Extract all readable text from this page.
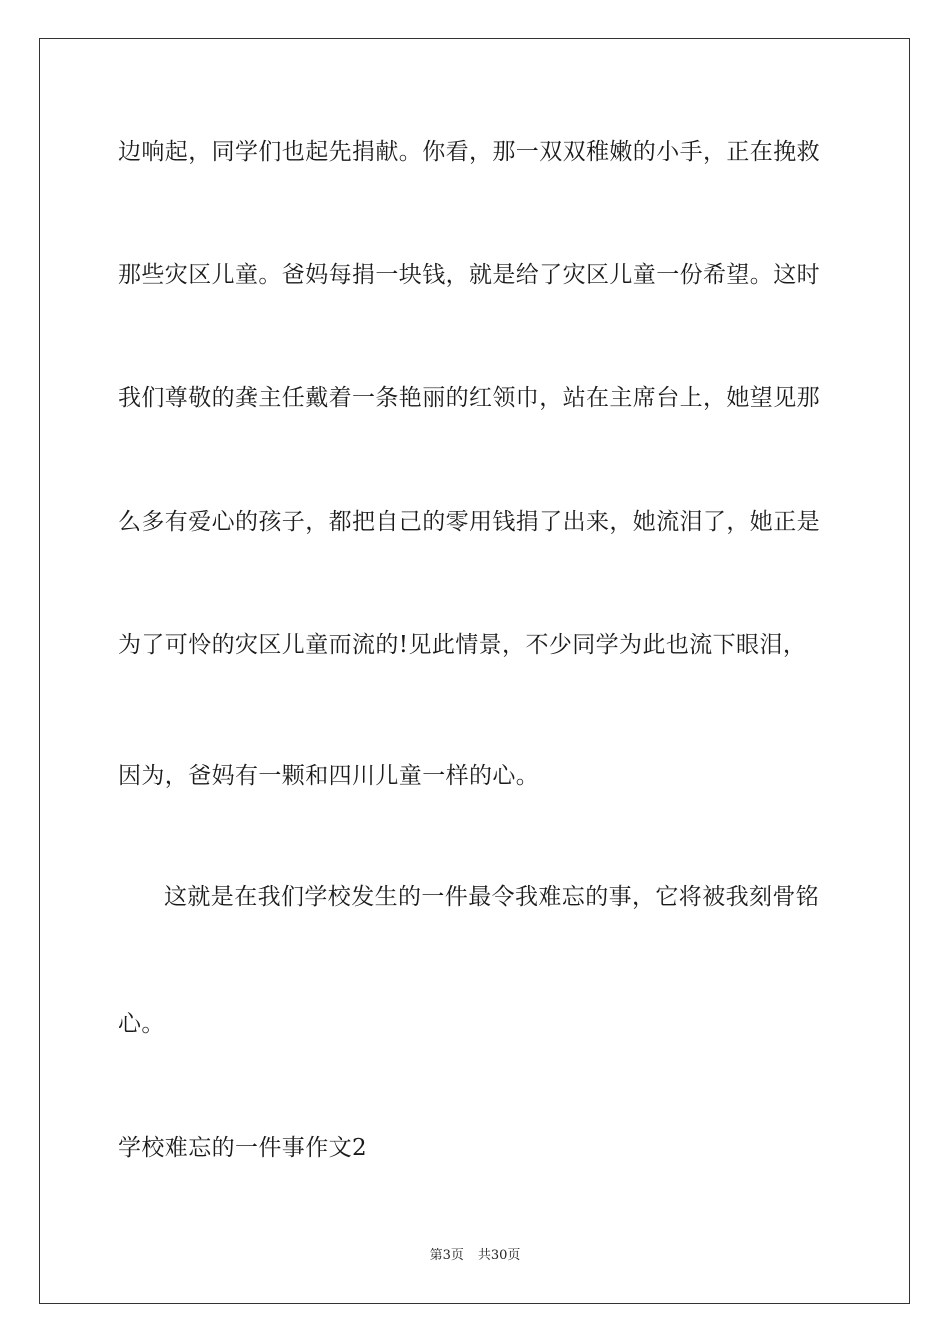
边响起，同学们也起先捐献。你看，那一双双稚嫩的小手，正在挽救
那些灾区儿童。爸妈每捐一块钱，就是给了灾区儿童一份希望。这时
我们尊敬的龚主任戴着一条艳丽的红领巾，站在主席台上，她望见那
么多有爱心的孩子，都把自己的零用钱捐了出来，她流泪了，她正是
为了可怜的灾区儿童而流的!见此情景，不少同学为此也流下眼泪，
因为，爸妈有一颗和四川儿童一样的心。
这就是在我们学校发生的一件最令我难忘的事，它将被我刻骨铭
心。
学校难忘的一件事作文2
第3页 共30页
